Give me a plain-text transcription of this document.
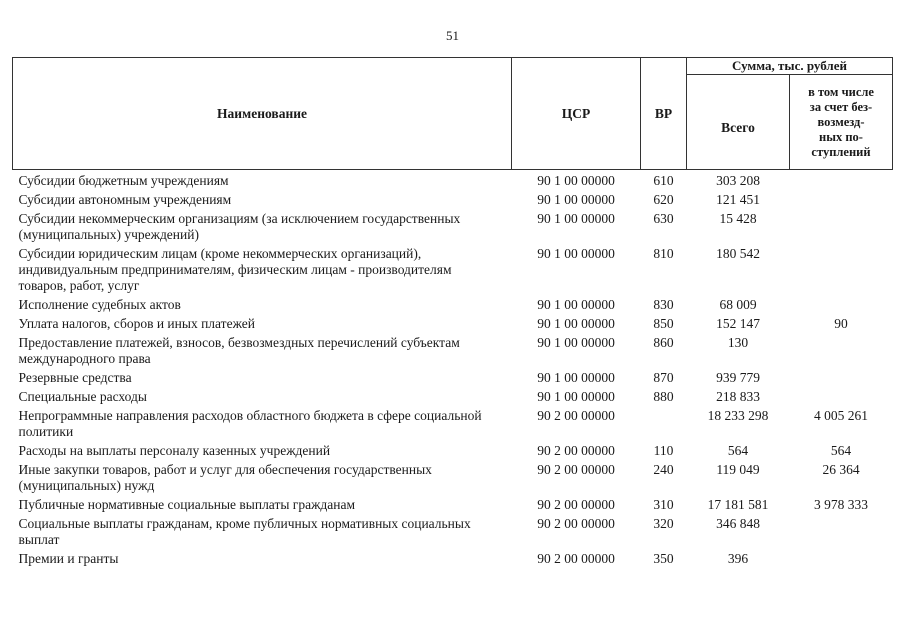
51
Наименование	ЦСР	ВР	Сумма, тыс. рублей	
			Всего	в том числе
за счет без-
возмезд-
ных по-
ступлений

Субсидии бюджетным учреждениям	90 1 00 00000	610	303 208	
Субсидии автономным учреждениям	90 1 00 00000	620	121 451	
Субсидии некоммерческим организациям (за исключением государственных (муниципальных) учреждений)	90 1 00 00000	630	15 428	
Субсидии юридическим лицам (кроме некоммерческих организаций), индивидуальным предпринимателям, физическим лицам - производителям товаров, работ, услуг	90 1 00 00000	810	180 542	
Исполнение судебных актов	90 1 00 00000	830	68 009	
Уплата налогов, сборов и иных платежей	90 1 00 00000	850	152 147	90
Предоставление платежей, взносов, безвозмездных перечислений субъектам международного права	90 1 00 00000	860	130	
Резервные средства	90 1 00 00000	870	939 779	
Специальные расходы	90 1 00 00000	880	218 833	
Непрограммные направления расходов областного бюджета в сфере социальной политики	90 2 00 00000		18 233 298	4 005 261
Расходы на выплаты персоналу казенных учреждений	90 2 00 00000	110	564	564
Иные закупки товаров, работ и услуг для обеспечения государственных (муниципальных) нужд	90 2 00 00000	240	119 049	26 364
Публичные нормативные социальные выплаты гражданам	90 2 00 00000	310	17 181 581	3 978 333
Социальные выплаты гражданам, кроме публичных нормативных социальных выплат	90 2 00 00000	320	346 848	
Премии и гранты	90 2 00 00000	350	396	
